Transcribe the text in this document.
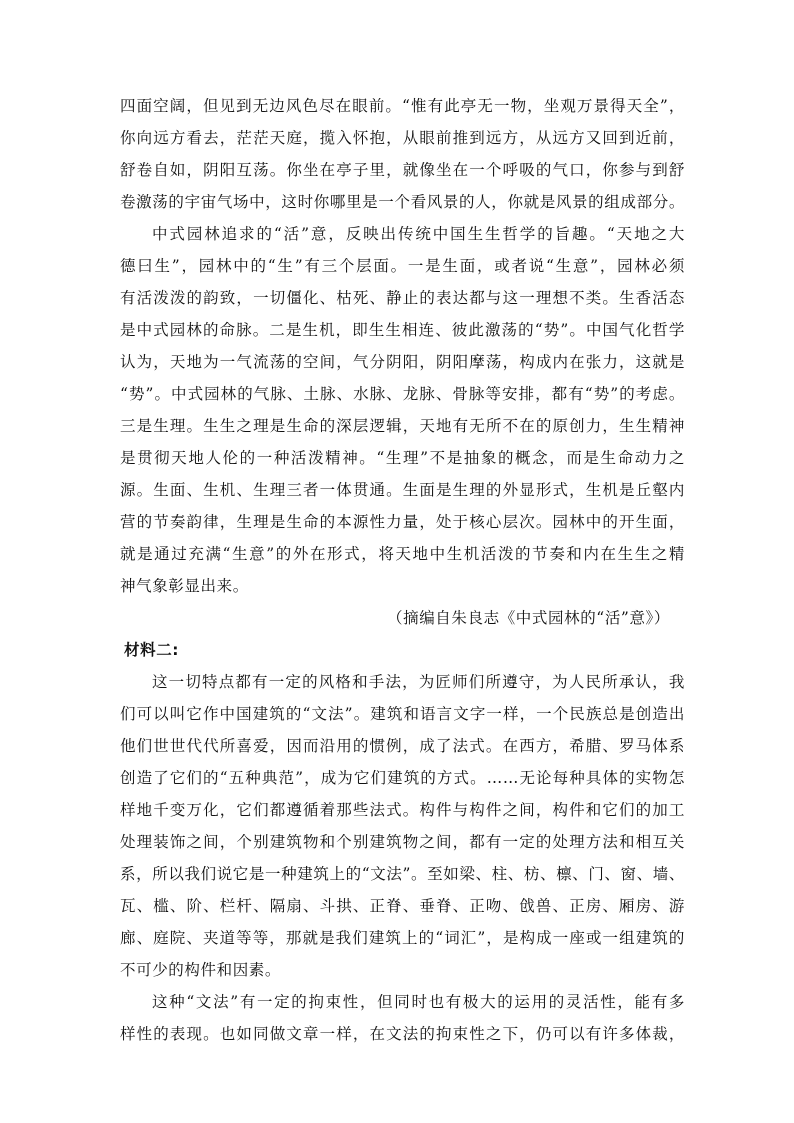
四面空阔，但见到无边风色尽在眼前。“惟有此亭无一物，坐观万景得天全”，
你向远方看去，茫茫天庭，揽入怀抱，从眼前推到远方，从远方又回到近前，
舒卷自如，阴阳互荡。你坐在亭子里，就像坐在一个呼吸的气口，你参与到舒
卷激荡的宇宙气场中，这时你哪里是一个看风景的人，你就是风景的组成部分。
中式园林追求的“活”意，反映出传统中国生生哲学的旨趣。“天地之大
德曰生”，园林中的“生”有三个层面。一是生面，或者说“生意”，园林必须
有活泼泼的韵致，一切僵化、枯死、静止的表达都与这一理想不类。生香活态
是中式园林的命脉。二是生机，即生生相连、彼此激荡的“势”。中国气化哲学
认为，天地为一气流荡的空间，气分阴阳，阴阳摩荡，构成内在张力，这就是
“势”。中式园林的气脉、土脉、水脉、龙脉、骨脉等安排，都有“势”的考虑。
三是生理。生生之理是生命的深层逻辑，天地有无所不在的原创力，生生精神
是贯彻天地人伦的一种活泼精神。“生理”不是抽象的概念，而是生命动力之
源。生面、生机、生理三者一体贯通。生面是生理的外显形式，生机是丘壑内
营的节奏韵律，生理是生命的本源性力量，处于核心层次。园林中的开生面，
就是通过充满“生意”的外在形式，将天地中生机活泼的节奏和内在生生之精
神气象彰显出来。
（摘编自朱良志《中式园林的“活”意》）
材料二:
这一切特点都有一定的风格和手法，为匠师们所遵守，为人民所承认，我
们可以叫它作中国建筑的“文法”。建筑和语言文字一样，一个民族总是创造出
他们世世代代所喜爱，因而沿用的惯例，成了法式。在西方，希腊、罗马体系
创造了它们的“五种典范”，成为它们建筑的方式。……无论每种具体的实物怎
样地千变万化，它们都遵循着那些法式。构件与构件之间，构件和它们的加工
处理装饰之间，个别建筑物和个别建筑物之间，都有一定的处理方法和相互关
系，所以我们说它是一种建筑上的“文法”。至如梁、柱、枋、檩、门、窗、墙、
瓦、槛、阶、栏杆、隔扇、斗拱、正脊、垂脊、正吻、戗兽、正房、厢房、游
廊、庭院、夹道等等，那就是我们建筑上的“词汇”，是构成一座或一组建筑的
不可少的构件和因素。
这种“文法”有一定的拘束性，但同时也有极大的运用的灵活性，能有多
样性的表现。也如同做文章一样，在文法的拘束性之下，仍可以有许多体裁，
